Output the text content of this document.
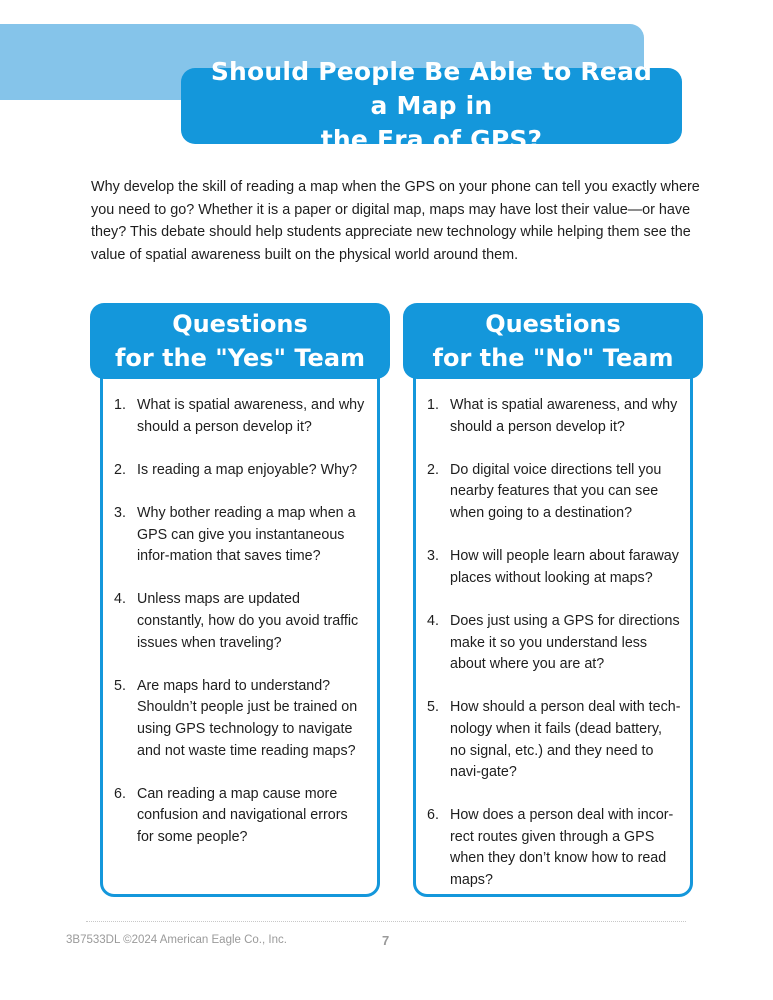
Should People Be Able to Read a Map in
the Era of GPS?

Why develop the skill of reading a map when the GPS on your phone can tell you exactly where you need to go? Whether it is a paper or digital map, maps may have lost their value—or have they? This debate should help students appreciate new technology while helping them see the value of spatial awareness built on the physical world around them.

Questions
for the "Yes" Team
1. What is spatial awareness, and why should a person develop it?
2. Is reading a map enjoyable? Why?
3. Why bother reading a map when a GPS can give you instantaneous infor-mation that saves time?
4. Unless maps are updated constantly, how do you avoid traffic issues when traveling?
5. Are maps hard to understand? Shouldn’t people just be trained on using GPS technology to navigate and not waste time reading maps?
6. Can reading a map cause more confusion and navigational errors for some people?
Questions
for the "No" Team
1. What is spatial awareness, and why should a person develop it?
2. Do digital voice directions tell you nearby features that you can see when going to a destination?
3. How will people learn about faraway places without looking at maps?
4. Does just using a GPS for directions make it so you understand less about where you are at?
5. How should a person deal with tech-nology when it fails (dead battery, no signal, etc.) and they need to navi-gate?
6. How does a person deal with incor-rect routes given through a GPS when they don’t know how to read maps?
3B7533DL ©2024 American Eagle Co., Inc.	7
